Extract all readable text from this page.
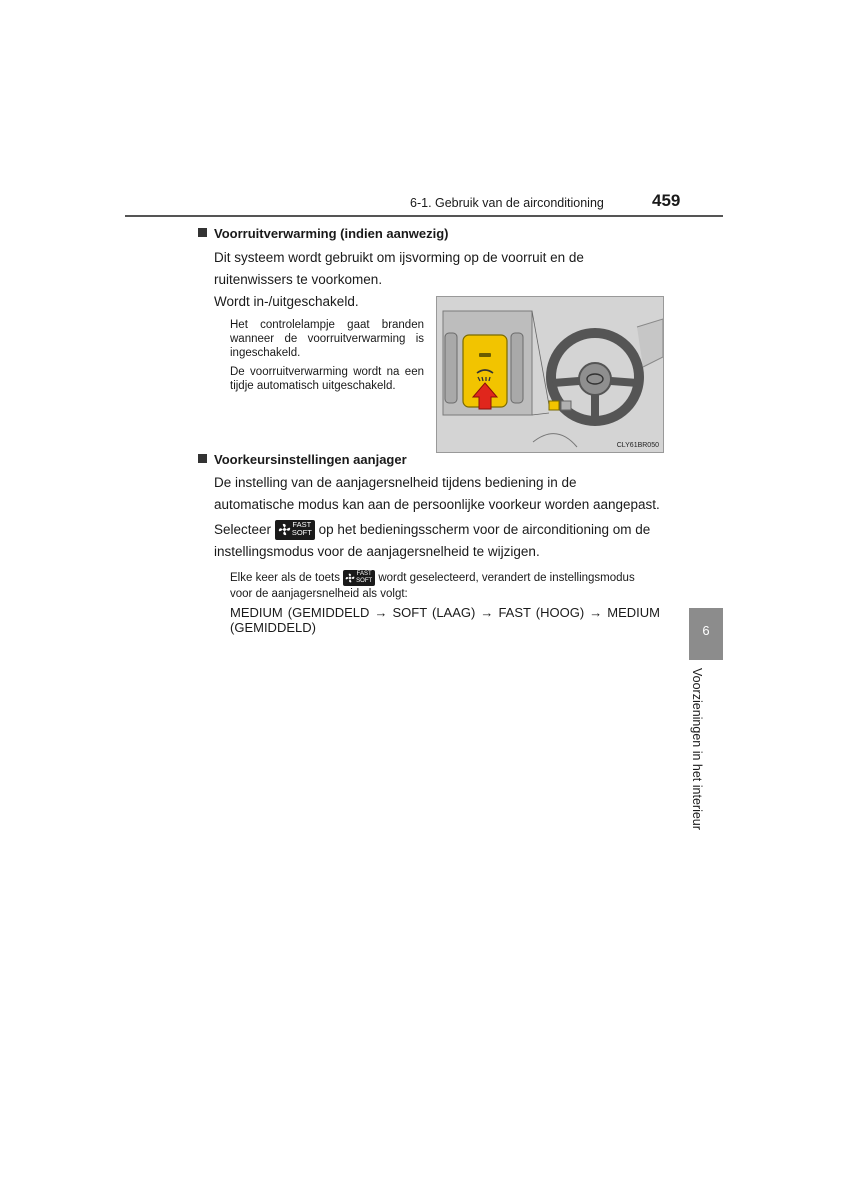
6-1. Gebruik van de airconditioning	459
Voorruitverwarming (indien aanwezig)
Dit systeem wordt gebruikt om ijsvorming op de voorruit en de ruitenwissers te voorkomen.
Wordt in-/uitgeschakeld.
Het controlelampje gaat branden wanneer de voorruitverwarming is ingeschakeld.
De voorruitverwarming wordt na een tijdje automatisch uitgeschakeld.
CLY61BR050
Voorkeursinstellingen aanjager
De instelling van de aanjagersnelheid tijdens bediening in de automatische modus kan aan de persoonlijke voorkeur worden aangepast.
Selecteer	FAST
SOFT op het bedieningsscherm voor de airconditioning om de
instellingsmodus voor de aanjagersnelheid te wijzigen.
Elke keer als de toets	FAST
SOFT wordt geselecteerd, verandert de instellingsmodus
voor de aanjagersnelheid als volgt:
MEDIUM (GEMIDDELD → SOFT (LAAG) → FAST (HOOG) → MEDIUM (GEMIDDELD)	6
Voorzieningen in het interieur
